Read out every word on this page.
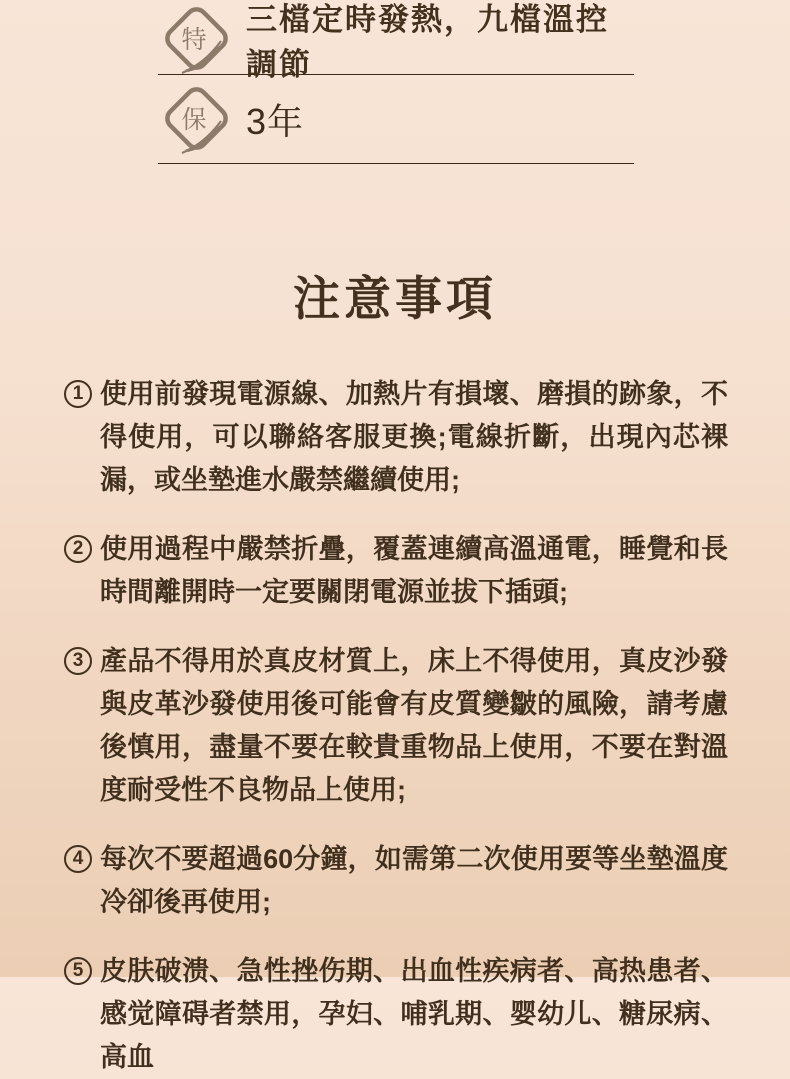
特
三檔定時發熱，九檔溫控調節
保 3年
注意事項
1 使用前發現電源線、加熱片有損壞、磨損的跡象，不得使用，可以聯絡客服更換;電線折斷，出現內芯裸漏，或坐墊進水嚴禁繼續使用;

2 使用過程中嚴禁折疊，覆蓋連續高溫通電，睡覺和長時間離開時一定要關閉電源並拔下插頭;

3 產品不得用於真皮材質上，床上不得使用，真皮沙發與皮革沙發使用後可能會有皮質變皺的風險，請考慮後慎用，盡量不要在較貴重物品上使用，不要在對溫度耐受性不良物品上使用;

4 每次不要超過60分鐘，如需第二次使用要等坐墊溫度冷卻後再使用;

5 皮肤破溃、急性挫伤期、出血性疾病者、高热患者、感觉障碍者禁用，孕妇、哺乳期、婴幼儿、糖尿病、高血
